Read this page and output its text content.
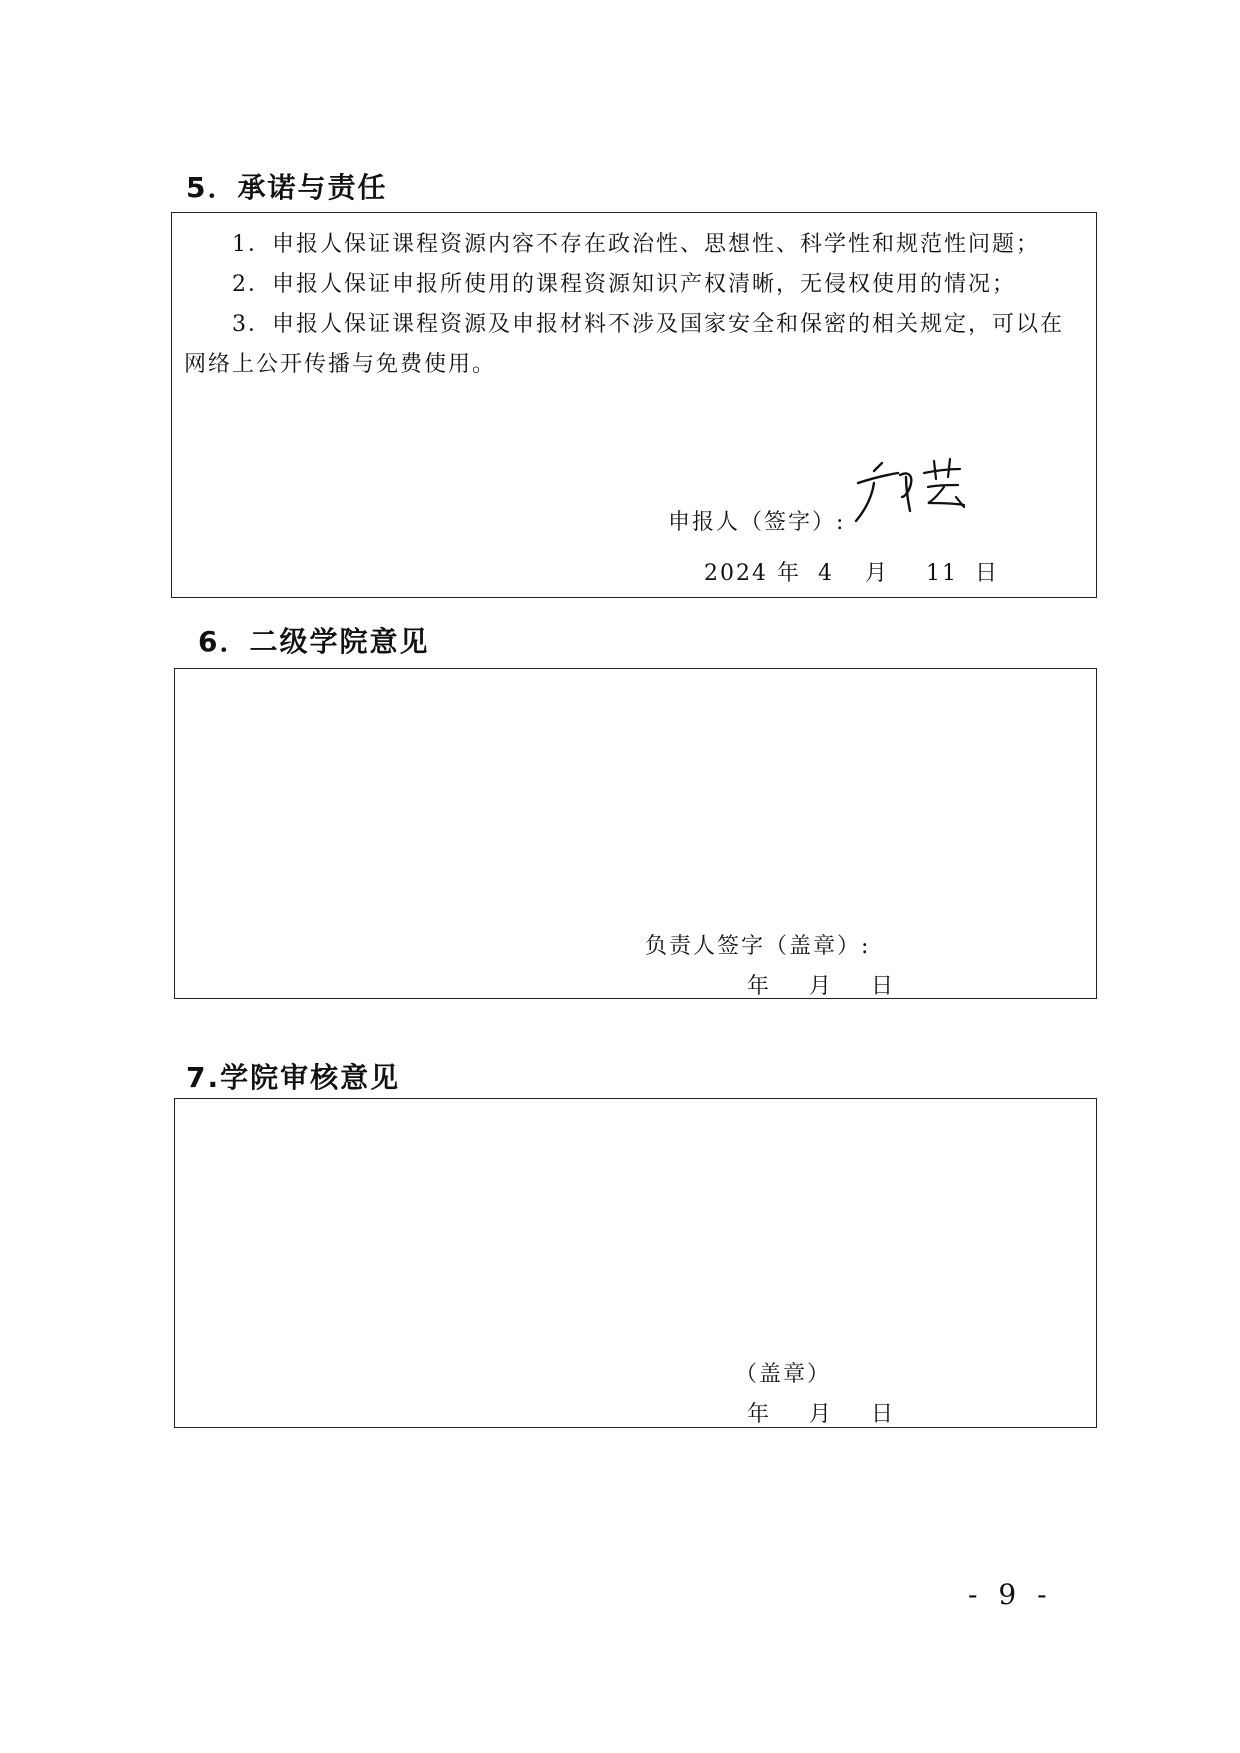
5．承诺与责任
1．申报人保证课程资源内容不存在政治性、思想性、科学性和规范性问题；
2．申报人保证申报所使用的课程资源知识产权清晰，无侵权使用的情况；
3．申报人保证课程资源及申报材料不涉及国家安全和保密的相关规定，可以在
网络上公开传播与免费使用。
申报人（签字）:
2024 年 4 月 11 日
6．二级学院意见
负责人签字（盖章）:
年 月 日
7.学院审核意见
（盖章）
年 月 日
- 9 -
